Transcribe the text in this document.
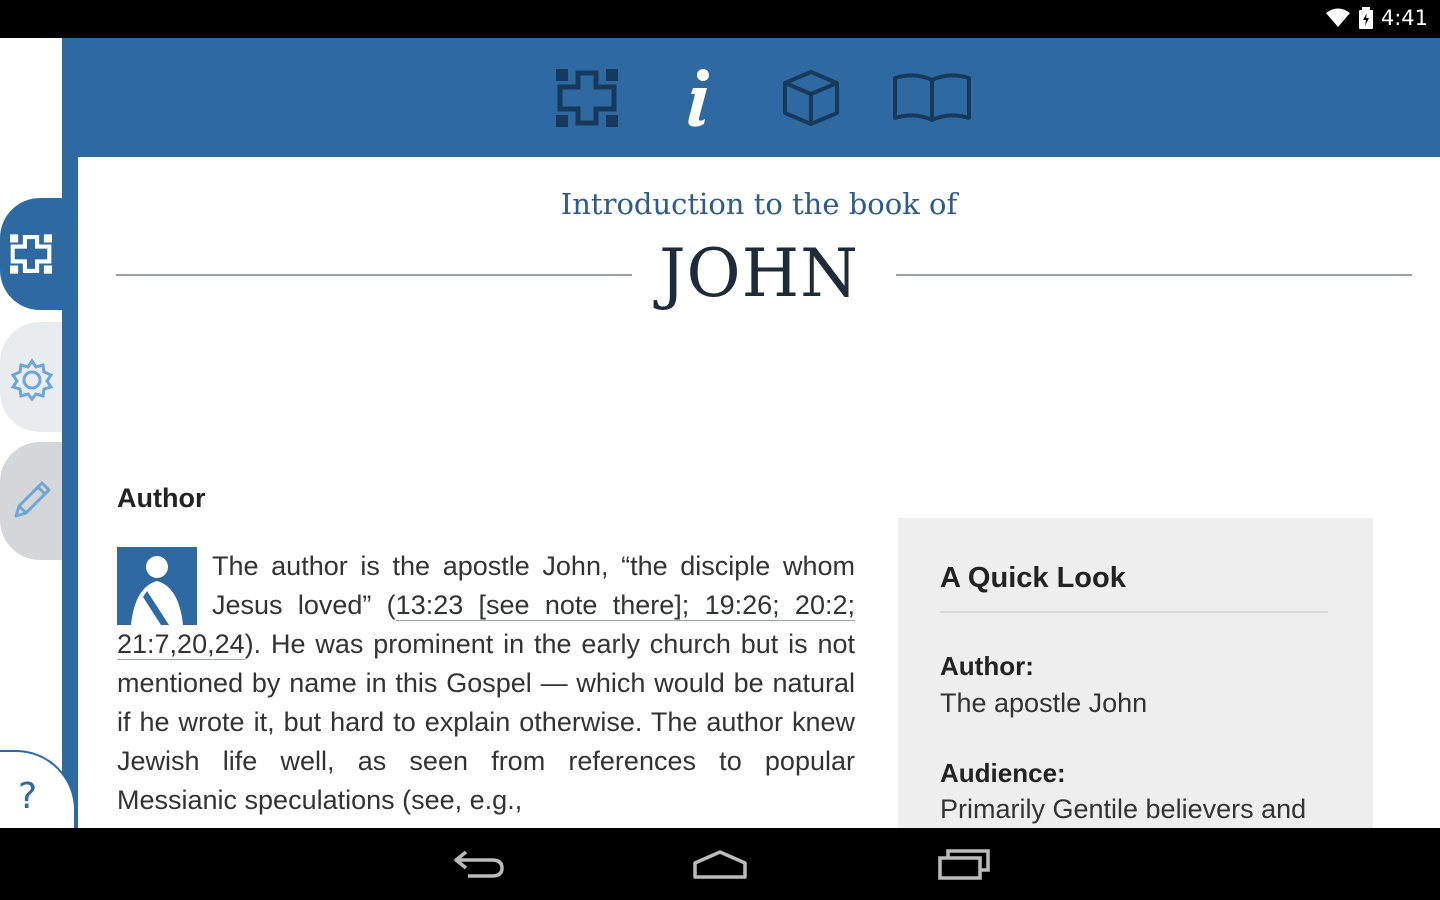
4:41
?
Introduction to the book of
JOHN
Author
The author is the apostle John, “the disciple whom Jesus loved” (13:23 [see note there]; 19:26; 20:2; 21:7,20,24). He was prominent in the early church but is not mentioned by name in this Gospel — which would be natural if he wrote it, but hard to explain otherwise. The author knew Jewish life well, as seen from references to popular Messianic speculations (see, e.g.,
A Quick Look
Author:
The apostle John
Audience:
Primarily Gentile believers and
